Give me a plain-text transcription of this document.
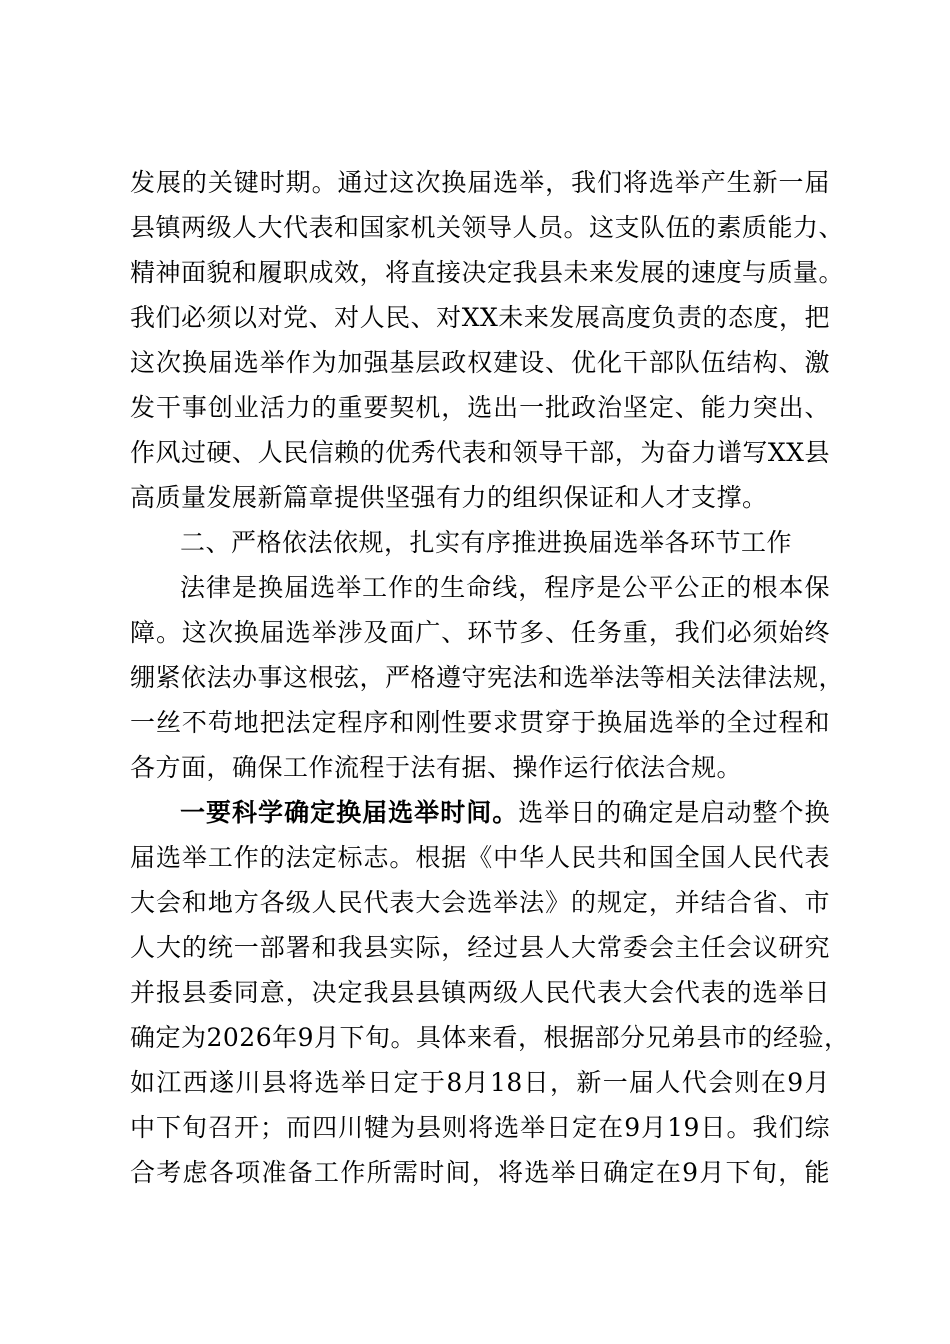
发展的关键时期。通过这次换届选举，我们将选举产生新一届
县镇两级人大代表和国家机关领导人员。这支队伍的素质能力、
精神面貌和履职成效，将直接决定我县未来发展的速度与质量。
我们必须以对党、对人民、对XX未来发展高度负责的态度，把
这次换届选举作为加强基层政权建设、优化干部队伍结构、激
发干事创业活力的重要契机，选出一批政治坚定、能力突出、
作风过硬、人民信赖的优秀代表和领导干部，为奋力谱写XX县
高质量发展新篇章提供坚强有力的组织保证和人才支撑。
二、严格依法依规，扎实有序推进换届选举各环节工作
法律是换届选举工作的生命线，程序是公平公正的根本保
障。这次换届选举涉及面广、环节多、任务重，我们必须始终
绷紧依法办事这根弦，严格遵守宪法和选举法等相关法律法规，
一丝不苟地把法定程序和刚性要求贯穿于换届选举的全过程和
各方面，确保工作流程于法有据、操作运行依法合规。
一要科学确定换届选举时间。选举日的确定是启动整个换
届选举工作的法定标志。根据《中华人民共和国全国人民代表
大会和地方各级人民代表大会选举法》的规定，并结合省、市
人大的统一部署和我县实际，经过县人大常委会主任会议研究
并报县委同意，决定我县县镇两级人民代表大会代表的选举日
确定为2026年9月下旬。具体来看，根据部分兄弟县市的经验，
如江西遂川县将选举日定于8月18日，新一届人代会则在9月
中下旬召开；而四川犍为县则将选举日定在9月19日。我们综
合考虑各项准备工作所需时间，将选举日确定在9月下旬，能
